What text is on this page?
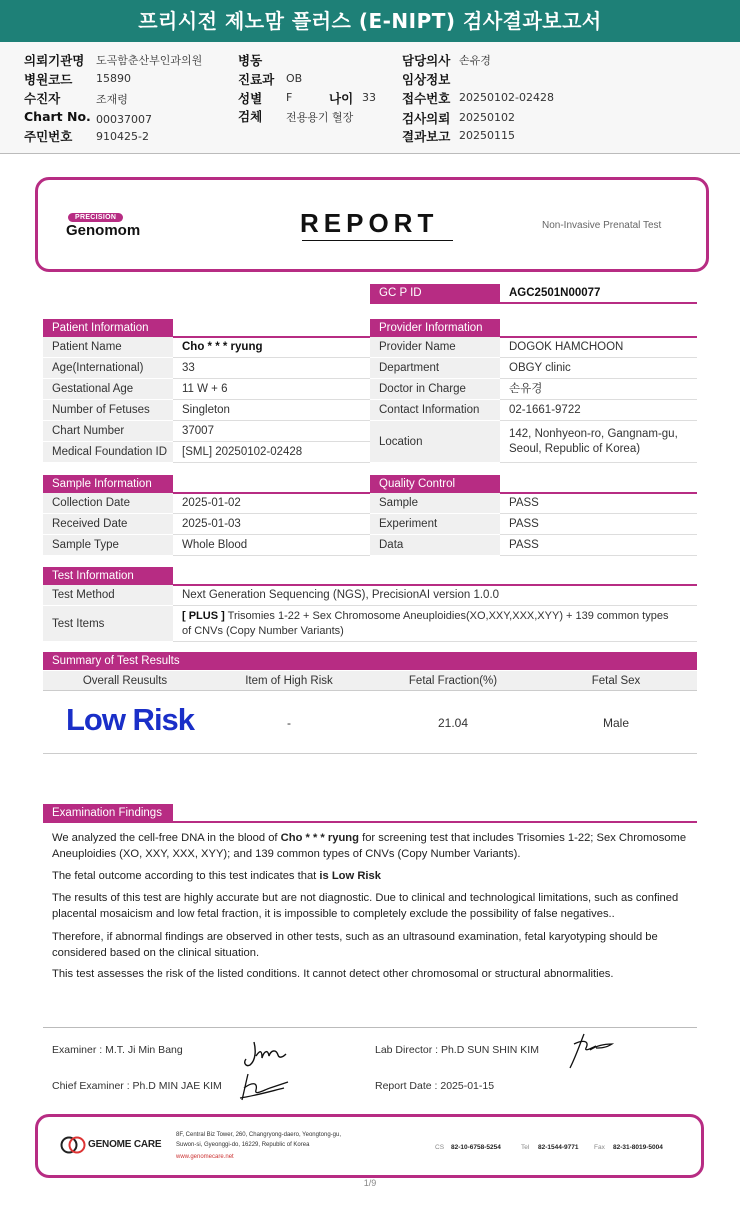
프리시전 제노맘 플러스 (E-NIPT) 검사결과보고서
의뢰기관명 도곡함춘산부인과의원
병원코드 15890
수진자	조재령
Chart No. 00037007
주민번호 910425-2
병동
진료과 OB
성별 F	나이 33
검체 전용용기 혈장
담당의사 손유경
임상정보
접수번호 20250102-02428
검사의뢰 20250102
결과보고 20250115
PRECISION
Genomom	REPORT	Non-Invasive Prenatal Test
GC P ID	AGC2501N00077
Patient Information
Patient Name	Cho * * * ryung
Age(International)	33
Gestational Age	11 W + 6
Number of Fetuses	Singleton
Chart Number	37007
Medical Foundation ID	[SML] 20250102-02428
Provider Information
Provider Name	DOGOK HAMCHOON
Department	OBGY clinic
Doctor in Charge	손유경
Contact Information	02-1661-9722
Location
142, Nonhyeon-ro, Gangnam-gu,
Seoul, Republic of Korea)
Sample Information
Collection Date	2025-01-02
Received Date	2025-01-03
Sample Type	Whole Blood
Quality Control
Sample	PASS
Experiment	PASS
Data	PASS
Test Information
Test Method	Next Generation Sequencing (NGS), PrecisionAI version 1.0.0
Test Items
[ PLUS ] Trisomies 1-22 + Sex Chromosome Aneuploidies(XO,XXY,XXX,XYY) + 139 common types
of CNVs (Copy Number Variants)
Summary of Test Results
Overall Reusults	Item of High Risk	Fetal Fraction(%)	Fetal Sex
Low Risk	-	21.04	Male
Examination Findings

We analyzed the cell-free DNA in the blood of Cho * * * ryung for screening test that includes Trisomies 1-22; Sex Chromosome Aneuploidies (XO, XXY, XXX, XYY); and 139 common types of CNVs (Copy Number Variants).

The fetal outcome according to this test indicates that is Low Risk

The results of this test are highly accurate but are not diagnostic. Due to clinical and technological limitations, such as confined placental mosaicism and low fetal fraction, it is impossible to completely exclude the possibility of false negatives..

Therefore, if abnormal findings are observed in other tests, such as an ultrasound examination, fetal karyotyping should be considered based on the clinical situation.

This test assesses the risk of the listed conditions. It cannot detect other chromosomal or structural abnormalities.

Examiner : M.T. Ji Min Bang
Chief Examiner : Ph.D MIN JAE KIM
Lab Director : Ph.D SUN SHIN KIM
Report Date : 2025-01-15
GENOME CARE
8F, Central Biz Tower, 260, Changryong-daero, Yeongtong-gu,
Suwon-si, Gyeonggi-do, 16229, Republic of Korea
www.genomecare.net
CS 82-10-6758-5254	Tel 82-1544-9771 Fax 82-31-8019-5004
1/9
